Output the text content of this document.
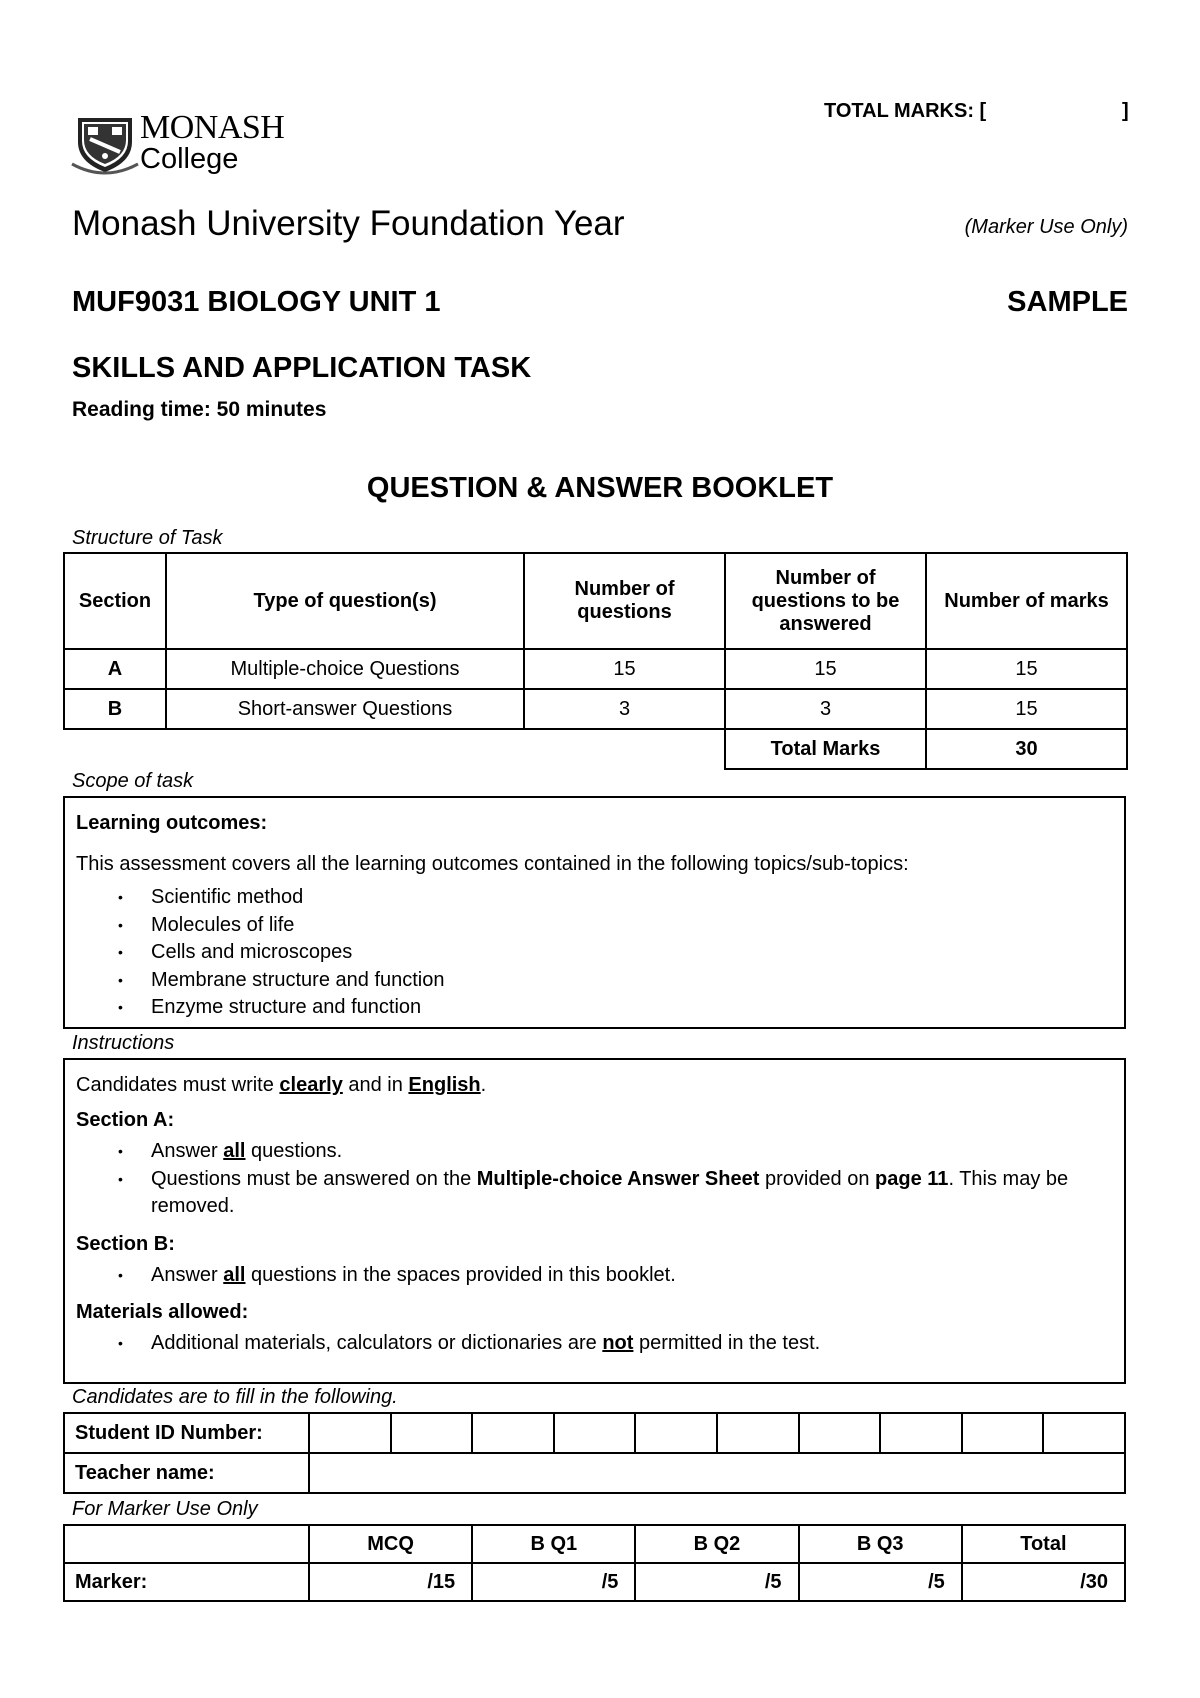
MONASH
College
TOTAL MARKS: [	]
Monash University Foundation Year	(Marker Use Only)
MUF9031 BIOLOGY UNIT 1	SAMPLE
SKILLS AND APPLICATION TASK
Reading time: 50 minutes
QUESTION & ANSWER BOOKLET
Structure of Task
Section	Type of question(s)	Number of questions	Number of questions to be answered	Number of marks
A	Multiple-choice Questions	15	15	15
B	Short-answer Questions	3	3	15
			Total Marks	30
Scope of task
Learning outcomes:

This assessment covers all the learning outcomes contained in the following topics/sub-topics:

• Scientific method
• Molecules of life
• Cells and microscopes
• Membrane structure and function
• Enzyme structure and function
Instructions

Candidates must write clearly and in English.

Section A:
• Answer all questions.
• Questions must be answered on the Multiple-choice Answer Sheet provided on page 11. This may be removed.
Section B:
• Answer all questions in the spaces provided in this booklet.
Materials allowed:
• Additional materials, calculators or dictionaries are not permitted in the test.
Candidates are to fill in the following.
Student ID Number:										
Teacher name:										
For Marker Use Only
	MCQ	B Q1	B Q2	B Q3	Total
Marker:	/15	/5	/5	/5	/30
